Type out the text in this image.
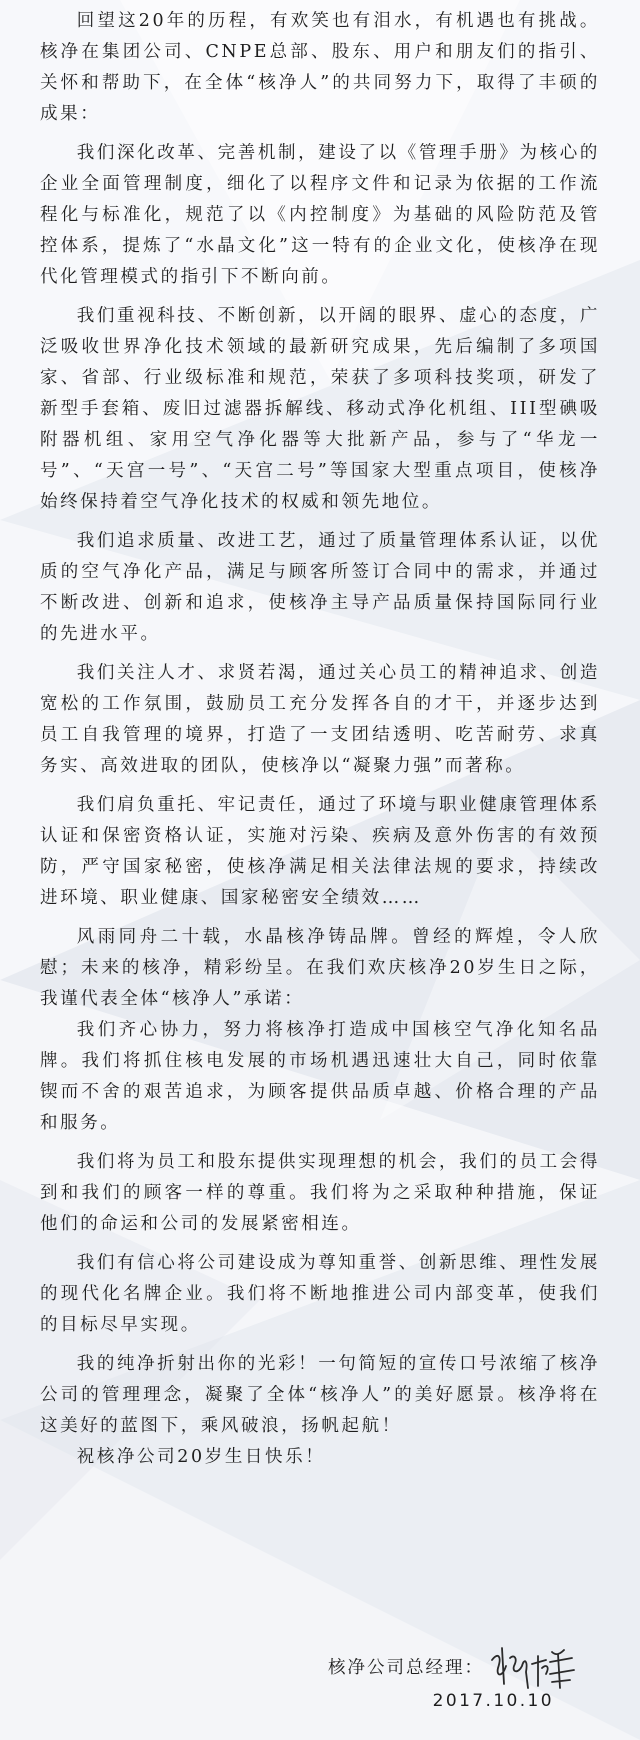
回望这20年的历程，有欢笑也有泪水，有机遇也有挑战。核净在集团公司、CNPE总部、股东、用户和朋友们的指引、关怀和帮助下，在全体“核净人”的共同努力下，取得了丰硕的成果：

我们深化改革、完善机制，建设了以《管理手册》为核心的企业全面管理制度，细化了以程序文件和记录为依据的工作流程化与标准化，规范了以《内控制度》为基础的风险防范及管控体系，提炼了“水晶文化”这一特有的企业文化，使核净在现代化管理模式的指引下不断向前。

我们重视科技、不断创新，以开阔的眼界、虚心的态度，广泛吸收世界净化技术领域的最新研究成果，先后编制了多项国家、省部、行业级标准和规范，荣获了多项科技奖项，研发了新型手套箱、废旧过滤器拆解线、移动式净化机组、III型碘吸附器机组、家用空气净化器等大批新产品，参与了“华龙一号”、“天宫一号”、“天宫二号”等国家大型重点项目，使核净始终保持着空气净化技术的权威和领先地位。

我们追求质量、改进工艺，通过了质量管理体系认证，以优质的空气净化产品，满足与顾客所签订合同中的需求，并通过不断改进、创新和追求，使核净主导产品质量保持国际同行业的先进水平。

我们关注人才、求贤若渴，通过关心员工的精神追求、创造宽松的工作氛围，鼓励员工充分发挥各自的才干，并逐步达到员工自我管理的境界，打造了一支团结透明、吃苦耐劳、求真务实、高效进取的团队，使核净以“凝聚力强”而著称。

我们肩负重托、牢记责任，通过了环境与职业健康管理体系认证和保密资格认证，实施对污染、疾病及意外伤害的有效预防，严守国家秘密，使核净满足相关法律法规的要求，持续改进环境、职业健康、国家秘密安全绩效……

风雨同舟二十载，水晶核净铸品牌。曾经的辉煌，令人欣慰；未来的核净，精彩纷呈。在我们欢庆核净20岁生日之际，我谨代表全体“核净人”承诺：

我们齐心协力，努力将核净打造成中国核空气净化知名品牌。我们将抓住核电发展的市场机遇迅速壮大自己，同时依靠锲而不舍的艰苦追求，为顾客提供品质卓越、价格合理的产品和服务。

我们将为员工和股东提供实现理想的机会，我们的员工会得到和我们的顾客一样的尊重。我们将为之采取种种措施，保证他们的命运和公司的发展紧密相连。

我们有信心将公司建设成为尊知重誉、创新思维、理性发展的现代化名牌企业。我们将不断地推进公司内部变革，使我们的目标尽早实现。

我的纯净折射出你的光彩！一句简短的宣传口号浓缩了核净公司的管理理念，凝聚了全体“核净人”的美好愿景。核净将在这美好的蓝图下，乘风破浪，扬帆起航！

祝核净公司20岁生日快乐！

核净公司总经理：
2017.10.10
